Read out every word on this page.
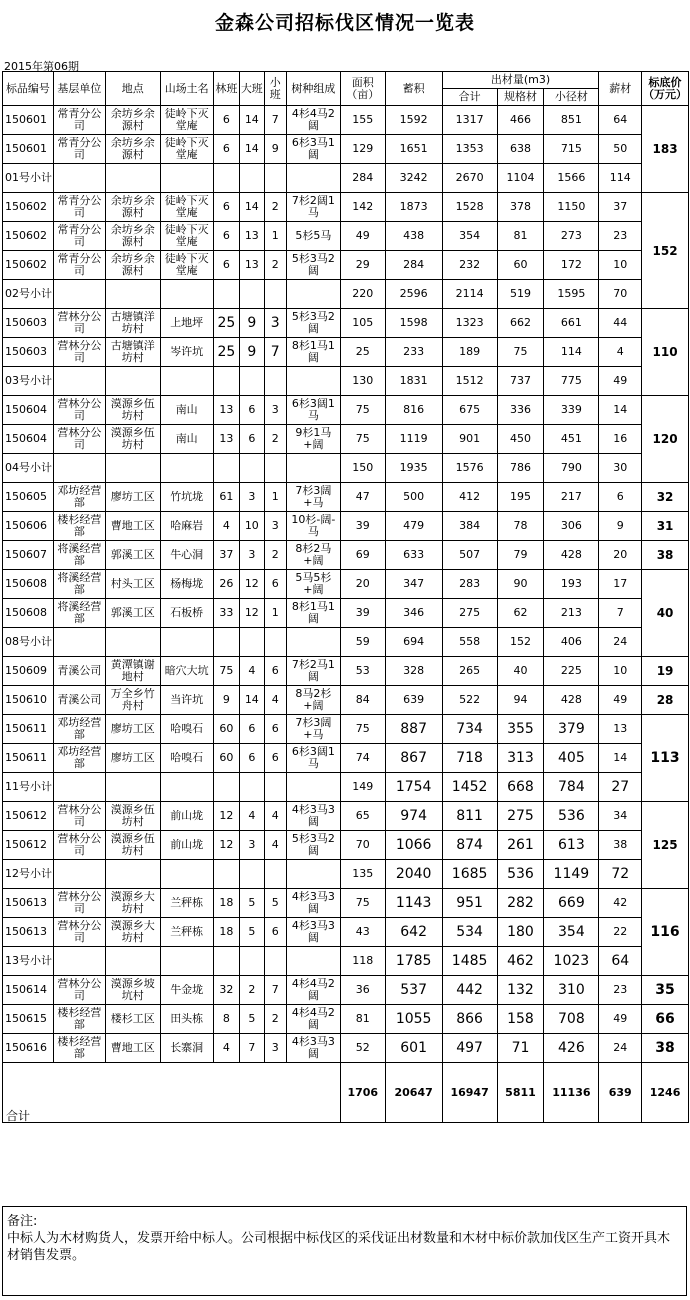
金森公司招标伐区情况一览表
2015年第06期
标品编号	基层单位	地点	山场土名	林班	大班	小班	树种组成	面积（亩）	蓄积	出材量(m3)			薪材	标底价（万元）
										合计	规格材	小径材		
150601	常青分公司	余坊乡余源村	徒岭下灭堂庵	6	14	7	4杉4马2阔	155	1592	1317	466	851	64	183
150601	常青分公司	余坊乡余源村	徒岭下灭堂庵	6	14	9	6杉3马1阔	129	1651	1353	638	715	50	

01号小计								284	3242	2670	1104	1566	114	
150602	常青分公司	余坊乡余源村	徒岭下灭堂庵	6	14	2	7杉2阔1马	142	1873	1528	378	1150	37	152
150602	常青分公司	余坊乡余源村	徒岭下灭堂庵	6	13	1	5杉5马	49	438	354	81	273	23	
150602	常青分公司	余坊乡余源村	徒岭下灭堂庵	6	13	2	5杉3马2阔	29	284	232	60	172	10	

02号小计								220	2596	2114	519	1595	70	
150603	营林分公司	古塘镇洋坊村	上地坪	25	9	3	5杉3马2阔	105	1598	1323	662	661	44	110
150603	营林分公司	古塘镇洋坊村	岑许坑	25	9	7	8杉1马1阔	25	233	189	75	114	4	

03号小计								130	1831	1512	737	775	49	
150604	营林分公司	漠源乡伍坊村	南山	13	6	3	6杉3阔1马	75	816	675	336	339	14	120
150604	营林分公司	漠源乡伍坊村	南山	13	6	2	9杉1马+阔	75	1119	901	450	451	16	

04号小计								150	1935	1576	786	790	30	
150605	邓坊经营部	廖坊工区	竹坑垅	61	3	1	7杉3阔+马	47	500	412	195	217	6	32
150606	楼杉经营部	曹地工区	哈麻岩	4	10	3	10杉-阔-马	39	479	384	78	306	9	31
150607	将溪经营部	郭溪工区	牛心洞	37	3	2	8杉2马+阔	69	633	507	79	428	20	38
150608	将溪经营部	村头工区	杨梅垅	26	12	6	5马5杉+阔	20	347	283	90	193	17	40
150608	将溪经营部	郭溪工区	石板桥	33	12	1	8杉1马1阔	39	346	275	62	213	7	

08号小计								59	694	558	152	406	24	
150609	青溪公司	黄潭镇谢地村	暗穴大坑	75	4	6	7杉2马1阔	53	328	265	40	225	10	19
150610	青溪公司	万全乡竹舟村	当许坑	9	14	4	8马2杉+阔	84	639	522	94	428	49	28
150611	邓坊经营部	廖坊工区	哈嗅石	60	6	6	7杉3阔+马	75	887	734	355	379	13	113
150611	邓坊经营部	廖坊工区	哈嗅石	60	6	6	6杉3阔1马	74	867	718	313	405	14	

11号小计								149	1754	1452	668	784	27	
150612	营林分公司	漠源乡伍坊村	前山垅	12	4	4	4杉3马3阔	65	974	811	275	536	34	125
150612	营林分公司	漠源乡伍坊村	前山垅	12	3	4	5杉3马2阔	70	1066	874	261	613	38	

12号小计								135	2040	1685	536	1149	72	
150613	营林分公司	漠源乡大坊村	兰秤栋	18	5	5	4杉3马3阔	75	1143	951	282	669	42	116
150613	营林分公司	漠源乡大坊村	兰秤栋	18	5	6	4杉3马3阔	43	642	534	180	354	22	

13号小计								118	1785	1485	462	1023	64	
150614	营林分公司	漠源乡坡坑村	牛金垅	32	2	7	4杉4马2阔	36	537	442	132	310	23	35
150615	楼杉经营部	楼杉工区	田头栋	8	5	2	4杉4马2阔	81	1055	866	158	708	49	66
150616	楼杉经营部	曹地工区	长寨洞	4	7	3	4杉3马3阔	52	601	497	71	426	24	38
合计								1706	20647	16947	5811	11136	639	1246
备注:
中标人为木材购货人，发票开给中标人。公司根据中标伐区的采伐证出材数量和木材中标价款加伐区生产工资开具木材销售发票。
